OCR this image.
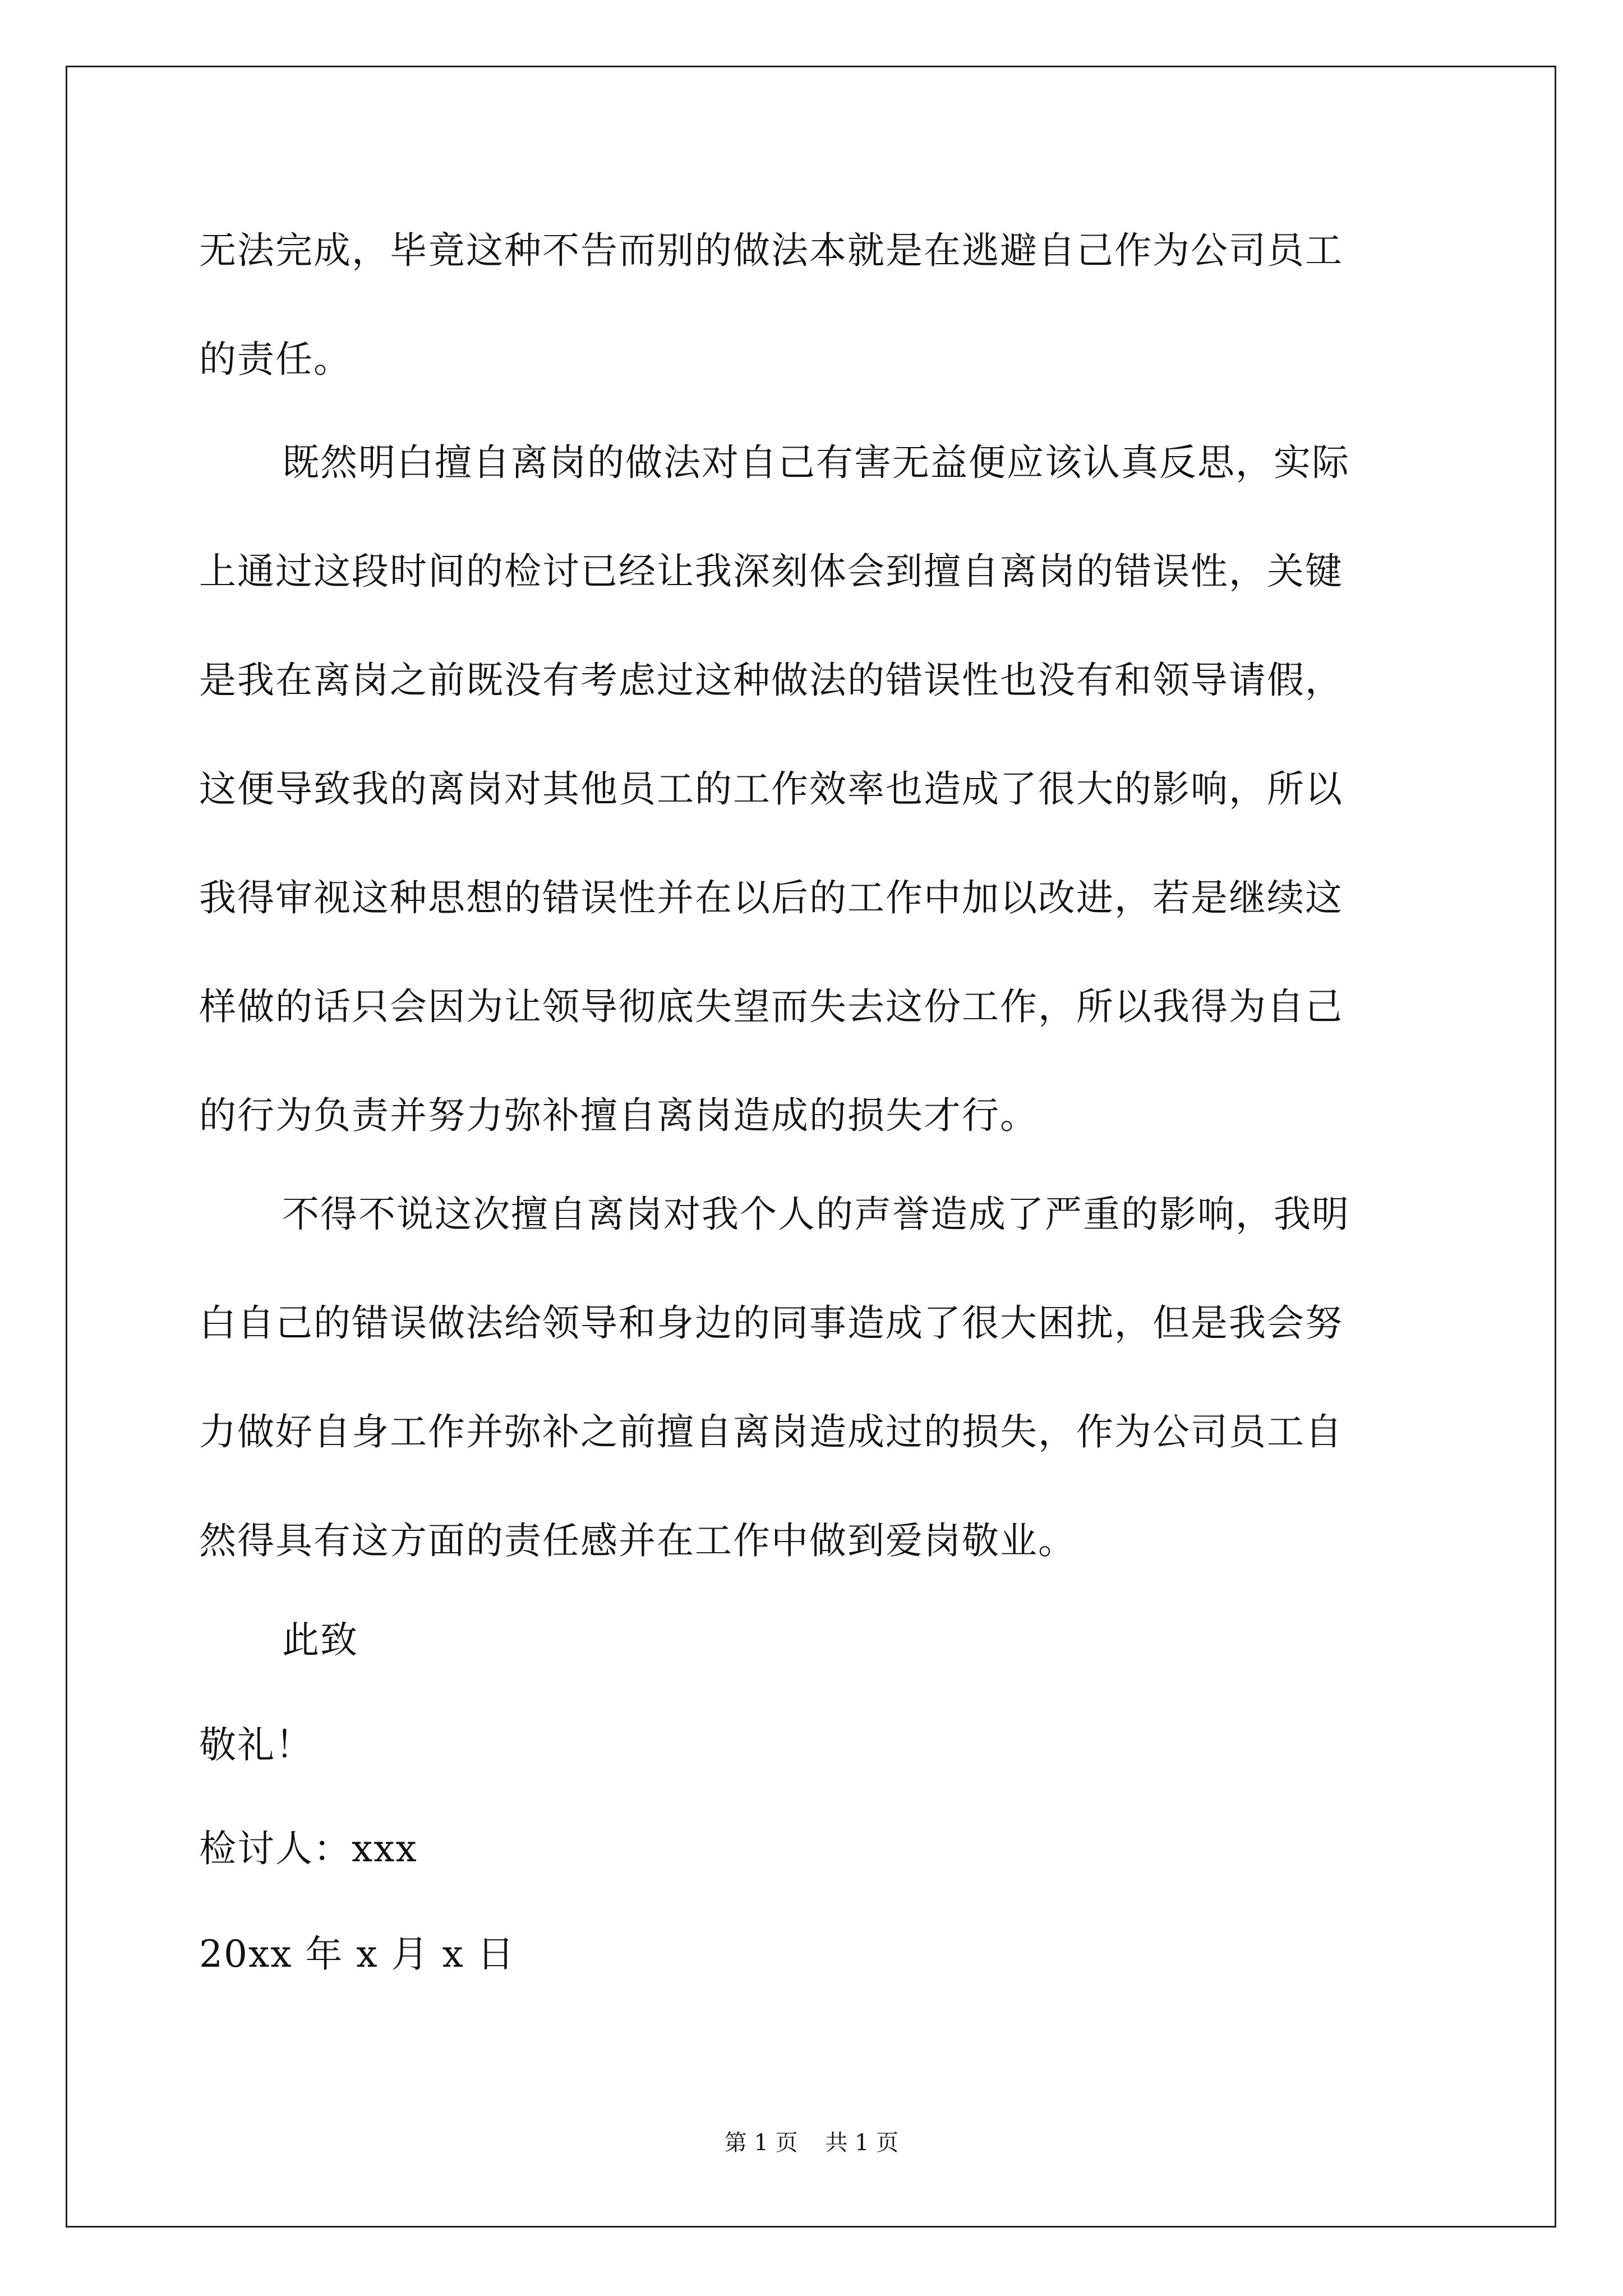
无法完成，毕竟这种不告而别的做法本就是在逃避自己作为公司员工
的责任。
既然明白擅自离岗的做法对自己有害无益便应该认真反思，实际
上通过这段时间的检讨已经让我深刻体会到擅自离岗的错误性，关键
是我在离岗之前既没有考虑过这种做法的错误性也没有和领导请假，
这便导致我的离岗对其他员工的工作效率也造成了很大的影响，所以
我得审视这种思想的错误性并在以后的工作中加以改进，若是继续这
样做的话只会因为让领导彻底失望而失去这份工作，所以我得为自己
的行为负责并努力弥补擅自离岗造成的损失才行。
不得不说这次擅自离岗对我个人的声誉造成了严重的影响，我明
白自己的错误做法给领导和身边的同事造成了很大困扰，但是我会努
力做好自身工作并弥补之前擅自离岗造成过的损失，作为公司员工自
然得具有这方面的责任感并在工作中做到爱岗敬业。
此致
敬礼！
检讨人：xxx
20xx 年 x 月 x 日
第 1 页 共 1 页
